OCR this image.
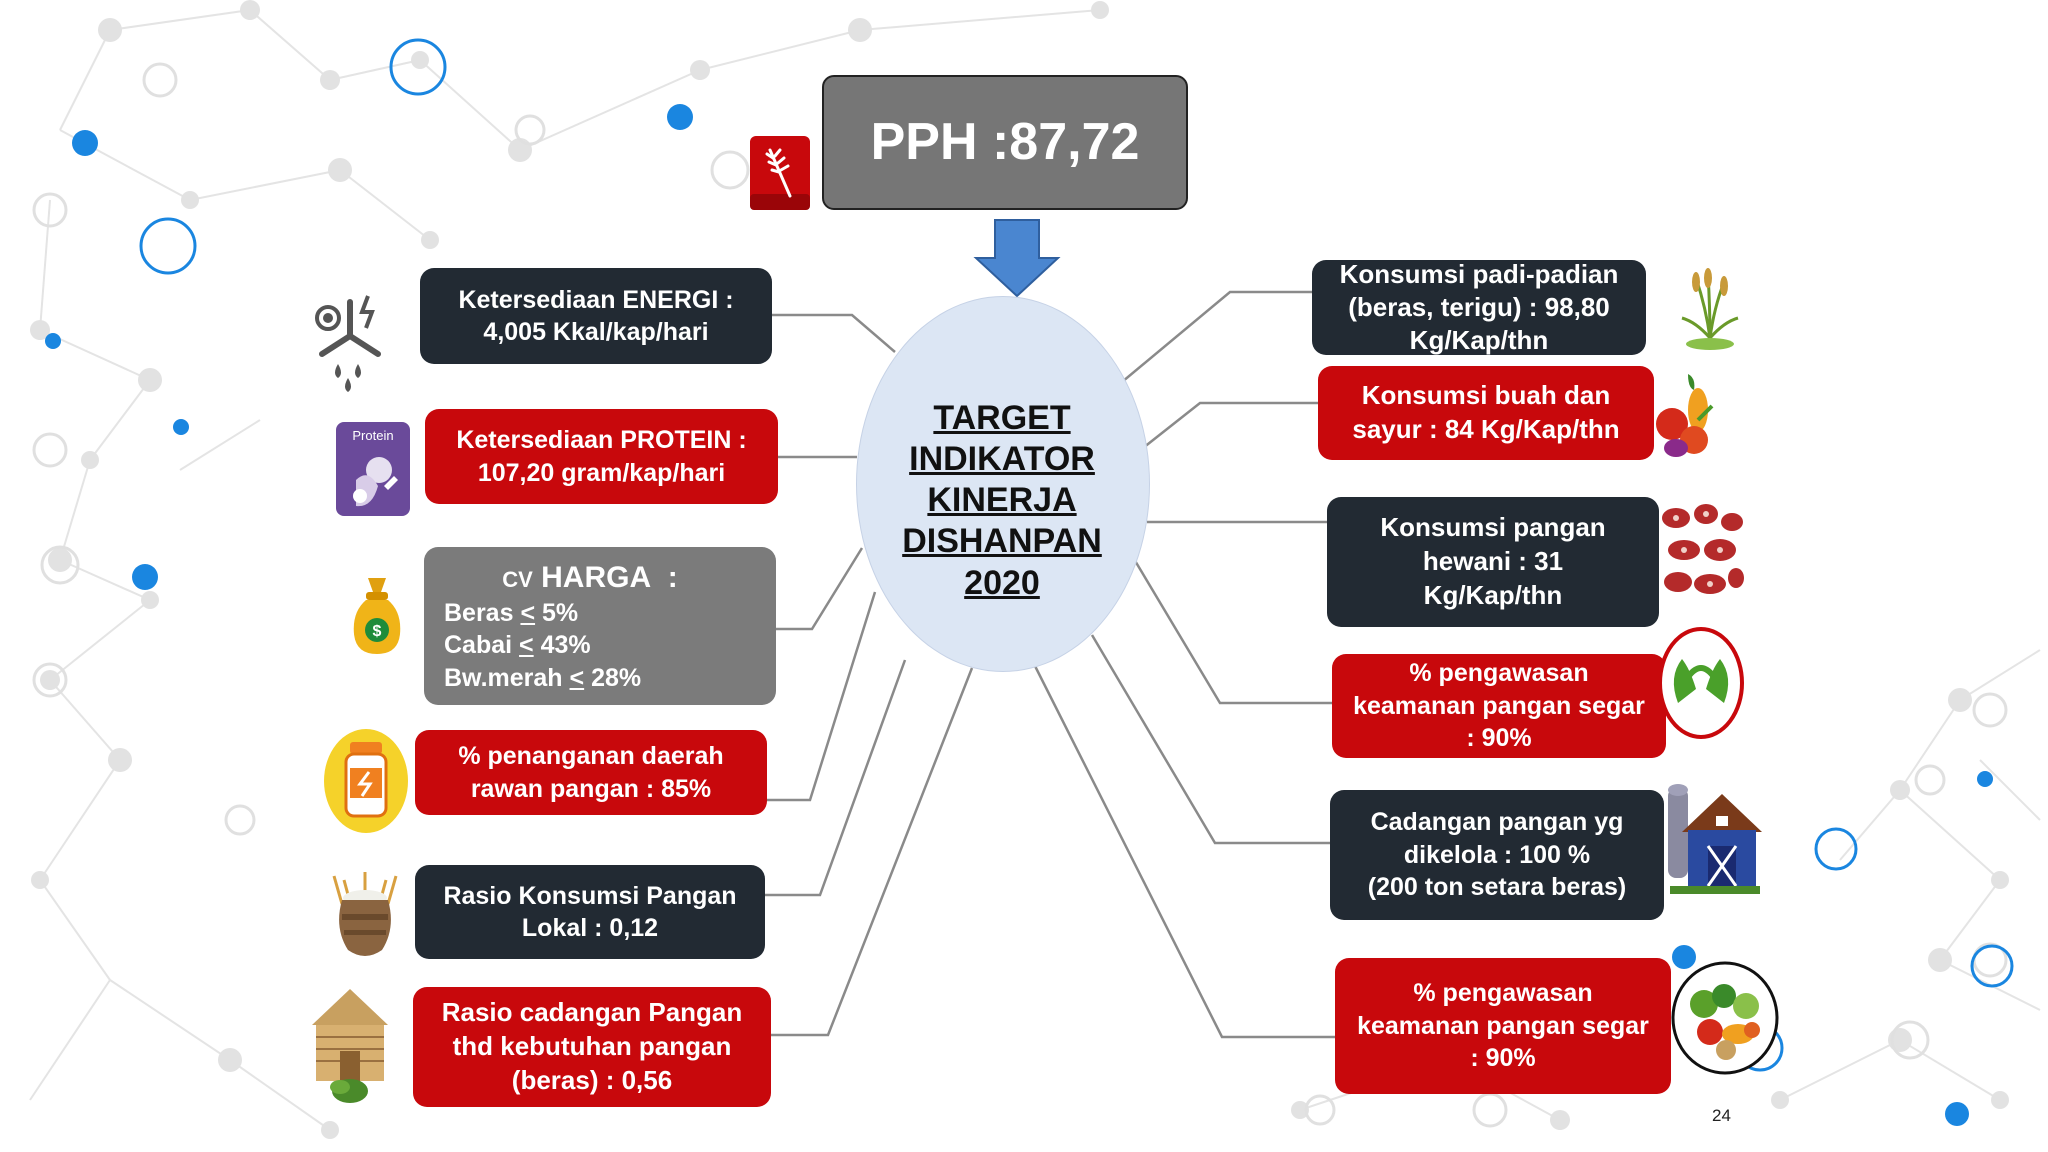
PPH :87,72
TARGET
INDIKATOR
KINERJA
DISHANPAN
2020
Ketersediaan ENERGI :
4,005 Kkal/kap/hari
Ketersediaan PROTEIN :
107,20 gram/kap/hari
CV HARGA :
Beras < 5%
Cabai < 43%
Bw.merah < 28%
% penanganan daerah
rawan pangan : 85%
Rasio Konsumsi Pangan
Lokal : 0,12
Rasio cadangan Pangan
thd kebutuhan pangan
(beras) : 0,56
Konsumsi padi-padian
(beras, terigu) : 98,80
Kg/Kap/thn
Konsumsi buah dan
sayur : 84 Kg/Kap/thn
Konsumsi pangan
hewani : 31
Kg/Kap/thn
% pengawasan
keamanan pangan segar
: 90%
Cadangan pangan yg
dikelola : 100 %
(200 ton setara beras)
% pengawasan
keamanan pangan segar
: 90%
Protein
$
24
